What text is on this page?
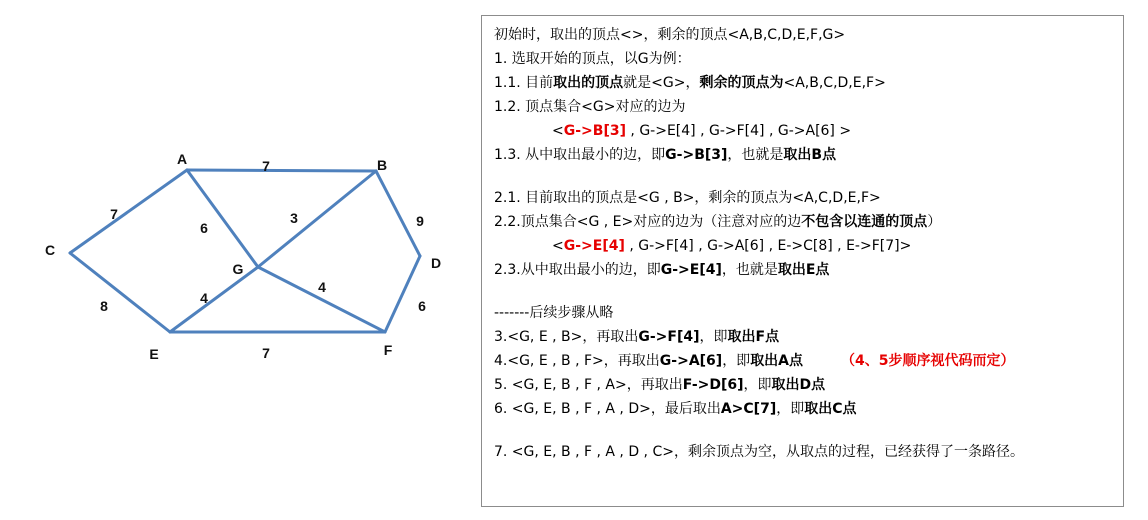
7
7
6
3	9
8	4
4
7
6
A	B
C
D
E	F
G
初始时，取出的顶点<>，剩余的顶点<A,B,C,D,E,F,G>
1. 选取开始的顶点，以G为例：
1.1. 目前取出的顶点就是<G>，剩余的顶点为<A,B,C,D,E,F>
1.2. 顶点集合<G>对应的边为
<G->B[3] , G->E[4] , G->F[4] , G->A[6] >
1.3. 从中取出最小的边，即G->B[3]，也就是取出B点
2.1. 目前取出的顶点是<G , B>，剩余的顶点为<A,C,D,E,F>
2.2.顶点集合<G , E>对应的边为（注意对应的边不包含以连通的顶点）
<G->E[4] , G->F[4] , G->A[6] , E->C[8] , E->F[7]>
2.3.从中取出最小的边，即G->E[4]，也就是取出E点
-------后续步骤从略
3.<G, E , B>，再取出G->F[4]，即取出F点
4.<G, E , B , F>，再取出G->A[6]，即取出A点	（4、5步顺序视代码而定）
5. <G, E, B , F , A>，再取出F->D[6]，即取出D点
6. <G, E, B , F , A , D>，最后取出A>C[7]，即取出C点
7. <G, E, B , F , A , D , C>，剩余顶点为空，从取点的过程，已经获得了一条路径。
